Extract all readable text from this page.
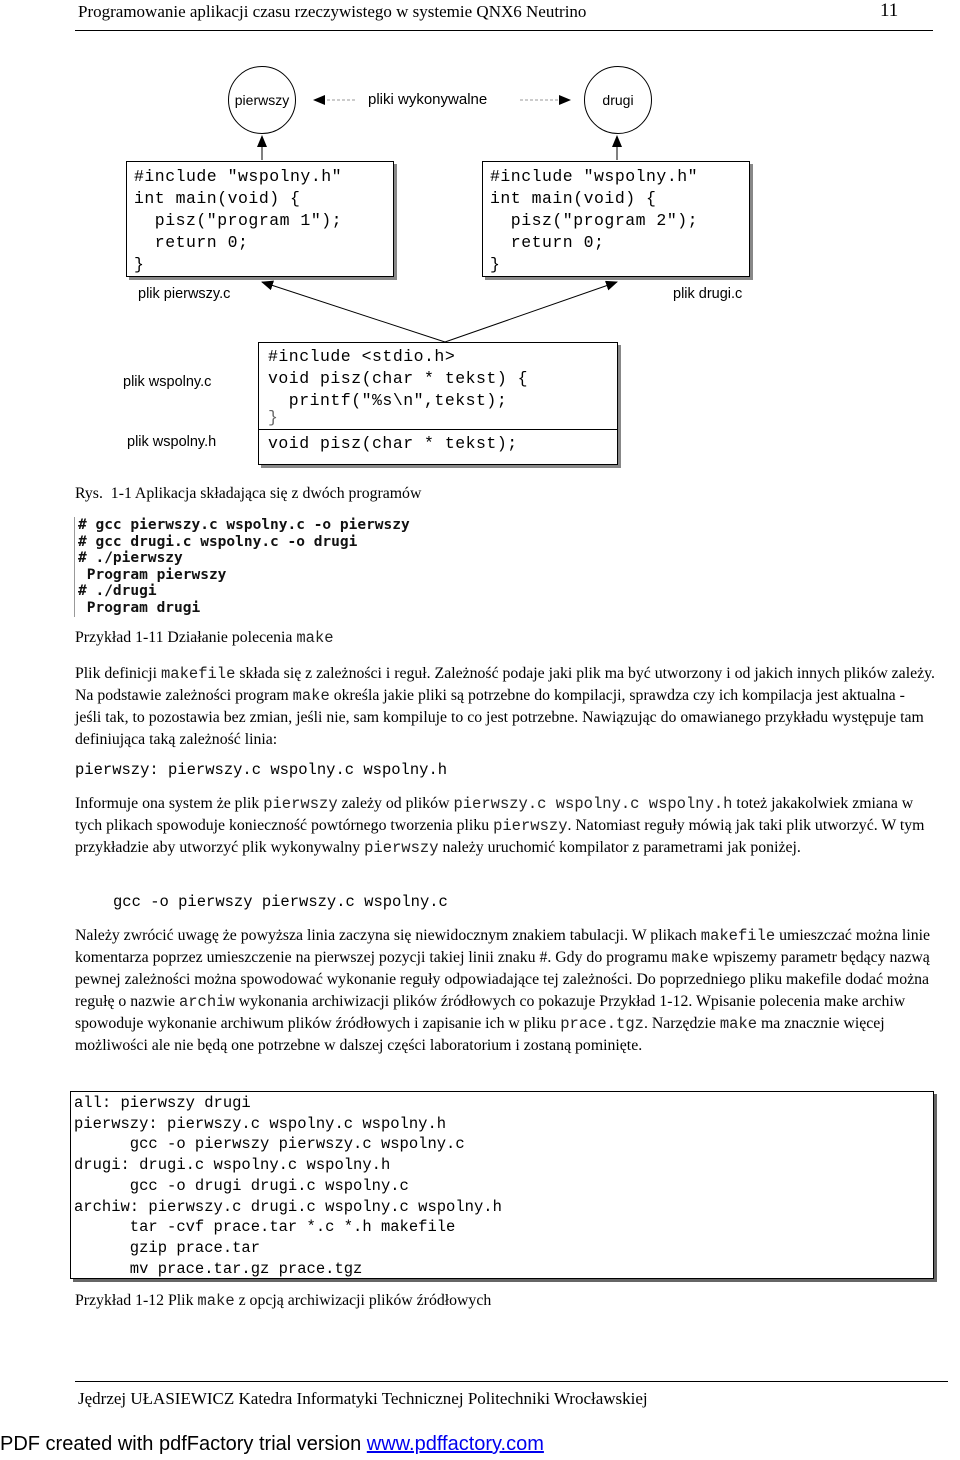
Programowanie aplikacji czasu rzeczywistego w systemie QNX6 Neutrino	11
pierwszy	drugi
pliki wykonywalne
#include "wspolny.h"
int main(void) {
pisz("program 1");
return 0;
}
plik pierwszy.c
#include "wspolny.h"
int main(void) {
pisz("program 2");
return 0;
}
plik drugi.c
#include <stdio.h>
void pisz(char * tekst) {
printf("%s\n",tekst);
}
void pisz(char * tekst);
plik wspolny.c
plik wspolny.h
Rys.  1-1 Aplikacja składająca się z dwóch programów
# gcc pierwszy.c wspolny.c -o pierwszy
# gcc drugi.c wspolny.c -o drugi
# ./pierwszy
Program pierwszy
# ./drugi
Program drugi
Przykład 1-11 Działanie polecenia make
Plik definicji makefile składa się z zależności i reguł. Zależność podaje jaki plik ma być utworzony i od jakich innych plików zależy. Na podstawie zależności program make określa jakie pliki są potrzebne do kompilacji, sprawdza czy ich kompilacja jest aktualna - jeśli tak, to pozostawia bez zmian, jeśli nie, sam kompiluje to co jest potrzebne. Nawiązując do omawianego przykładu występuje tam definiująca taką zależność linia:
pierwszy: pierwszy.c wspolny.c wspolny.h
Informuje ona system że plik pierwszy zależy od plików pierwszy.c wspolny.c wspolny.h toteż jakakolwiek zmiana w tych plikach spowoduje konieczność powtórnego tworzenia pliku pierwszy. Natomiast reguły mówią jak taki plik utworzyć. W tym przykładzie aby utworzyć plik wykonywalny pierwszy należy uruchomić kompilator z parametrami jak poniżej.
gcc -o pierwszy pierwszy.c wspolny.c
Należy zwrócić uwagę że powyższa linia zaczyna się niewidocznym znakiem tabulacji. W plikach makefile umieszczać można linie komentarza poprzez umieszczenie na pierwszej pozycji takiej linii znaku #. Gdy do programu make wpiszemy parametr będący nazwą pewnej zależności można spowodować wykonanie reguły odpowiadające tej zależności. Do poprzedniego pliku makefile dodać można regułę o nazwie archiw wykonania archiwizacji plików źródłowych co pokazuje Przykład 1-12. Wpisanie polecenia make archiw spowoduje wykonanie archiwum plików źródłowych i zapisanie ich w pliku prace.tgz. Narzędzie make ma znacznie więcej możliwości ale nie będą one potrzebne w dalszej części laboratorium i zostaną pominięte.
all: pierwszy drugi
pierwszy: pierwszy.c wspolny.c wspolny.h
gcc -o pierwszy pierwszy.c wspolny.c
drugi: drugi.c wspolny.c wspolny.h
gcc -o drugi drugi.c wspolny.c
archiw: pierwszy.c drugi.c wspolny.c wspolny.h
tar -cvf prace.tar *.c *.h makefile
gzip prace.tar
mv prace.tar.gz prace.tgz
Przykład 1-12 Plik make z opcją archiwizacji plików źródłowych
Jędrzej UŁASIEWICZ Katedra Informatyki Technicznej Politechniki Wrocławskiej
PDF created with pdfFactory trial version www.pdffactory.com
